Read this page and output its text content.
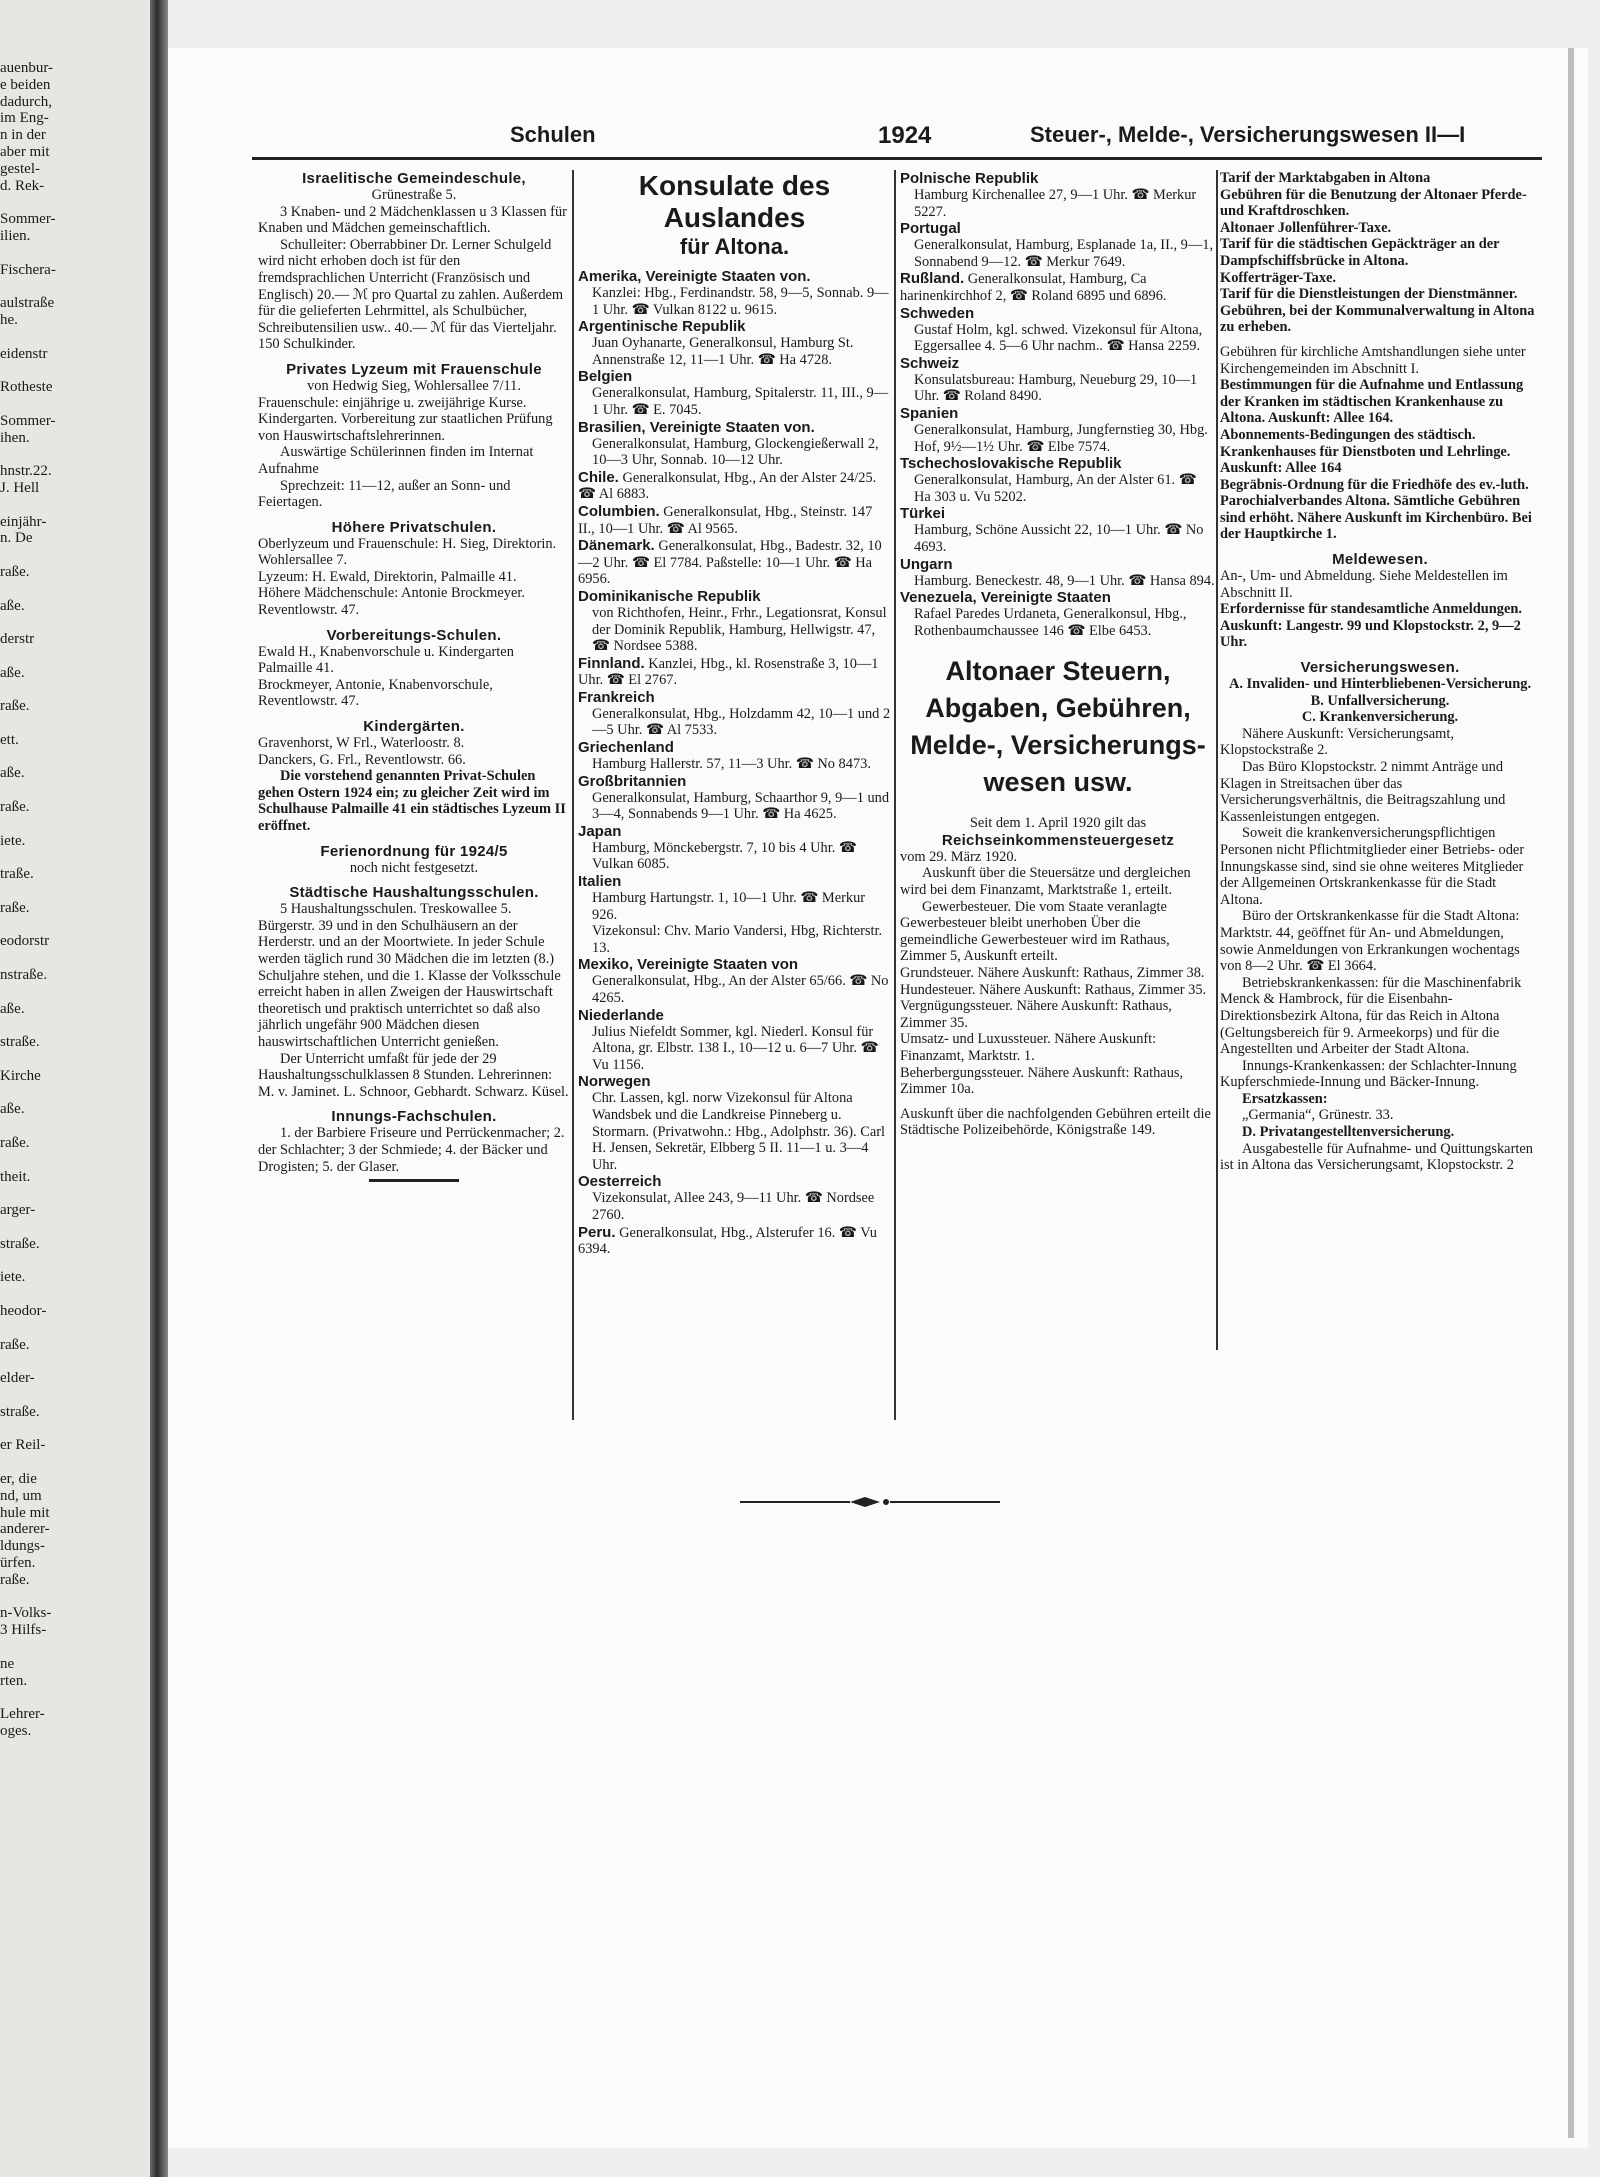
auenbur-
e beiden
dadurch,
im Eng-
n in der
aber mit
gestel-
d. Rek-

Sommer-
ilien.

Fischera-

aulstraße
he.

eidenstr

Rotheste

Sommer-
ihen.

hnstr.22.
J. Hell

einjähr-
n. De

raße.

aße.

derstr

aße.

raße.

ett.

aße.

raße.

iete.

traße.

raße.

eodorstr

nstraße.

aße.

straße.

Kirche

aße.

raße.

theit.

arger-

straße.

iete.

heodor-

raße.

elder-

straße.

er Reil-

er, die
nd, um
hule mit
anderer-
ldungs-
ürfen.
raße.

n-Volks-
3 Hilfs-

ne
rten.

Lehrer-
oges.
Schulen	1924	Steuer-, Melde-, Versicherungswesen II—I

Israelitische Gemeindeschule,

Grünestraße 5.

3 Knaben- und 2 Mädchenklassen u 3 Klassen für Knaben und Mädchen gemeinschaftlich.

Schulleiter: Oberrabbiner Dr. Lerner Schulgeld wird nicht erhoben doch ist für den fremdsprachlichen Unterricht (Französisch und Englisch) 20.— ℳ pro Quartal zu zahlen. Außerdem für die gelieferten Lehrmittel, als Schulbücher, Schreibutensilien usw.. 40.— ℳ für das Vierteljahr. 150 Schulkinder.

Privates Lyzeum mit Frauenschule

von Hedwig Sieg, Wohlersallee 7/11.

Frauenschule: einjährige u. zweijährige Kurse. Kindergarten. Vorbereitung zur staatlichen Prüfung von Hauswirtschaftslehrerinnen.

Auswärtige Schülerinnen finden im Internat Aufnahme

Sprechzeit: 11—12, außer an Sonn- und Feiertagen.

Höhere Privatschulen.

Oberlyzeum und Frauenschule: H. Sieg, Direktorin. Wohlersallee 7.

Lyzeum: H. Ewald, Direktorin, Palmaille 41.

Höhere Mädchenschule: Antonie Brockmeyer. Reventlowstr. 47.

Vorbereitungs-Schulen.

Ewald H., Knabenvorschule u. Kindergarten Palmaille 41.

Brockmeyer, Antonie, Knabenvorschule, Reventlowstr. 47.

Kindergärten.

Gravenhorst, W Frl., Waterloostr. 8.

Danckers, G. Frl., Reventlowstr. 66.

Die vorstehend genannten Privat-Schulen gehen Ostern 1924 ein; zu gleicher Zeit wird im Schulhause Palmaille 41 ein städtisches Lyzeum II eröffnet.

Ferienordnung für 1924/5

noch nicht festgesetzt.

Städtische Haushaltungsschulen.

5 Haushaltungsschulen. Treskowallee 5. Bürgerstr. 39 und in den Schulhäusern an der Herderstr. und an der Moortwiete. In jeder Schule werden täglich rund 30 Mädchen die im letzten (8.) Schuljahre stehen, und die 1. Klasse der Volksschule erreicht haben in allen Zweigen der Hauswirtschaft theoretisch und praktisch unterrichtet so daß also jährlich ungefähr 900 Mädchen diesen hauswirtschaftlichen Unterricht genießen.

Der Unterricht umfaßt für jede der 29 Haushaltungsschulklassen 8 Stunden. Lehrerinnen: M. v. Jaminet. L. Schnoor, Gebhardt. Schwarz. Küsel.

Innungs-Fachschulen.

1. der Barbiere Friseure und Perrückenmacher; 2. der Schlachter; 3 der Schmiede; 4. der Bäcker und Drogisten; 5. der Glaser.

Konsulate des Auslandes

für Altona.

Amerika, Vereinigte Staaten von.

Kanzlei: Hbg., Ferdinandstr. 58, 9—5, Sonnab. 9—1 Uhr. ☎ Vulkan 8122 u. 9615.

Argentinische Republik

Juan Oyhanarte, Generalkonsul, Hamburg St. Annenstraße 12, 11—1 Uhr. ☎ Ha 4728.

Belgien

Generalkonsulat, Hamburg, Spitalerstr. 11, III., 9—1 Uhr. ☎ E. 7045.

Brasilien, Vereinigte Staaten von.

Generalkonsulat, Hamburg, Glockengießerwall 2, 10—3 Uhr, Sonnab. 10—12 Uhr.

Chile. Generalkonsulat, Hbg., An der Alster 24/25. ☎ Al 6883.

Columbien. Generalkonsulat, Hbg., Steinstr. 147 II., 10—1 Uhr. ☎ Al 9565.

Dänemark. Generalkonsulat, Hbg., Badestr. 32, 10—2 Uhr. ☎ El 7784. Paßstelle: 10—1 Uhr. ☎ Ha 6956.

Dominikanische Republik

von Richthofen, Heinr., Frhr., Legationsrat, Konsul der Dominik Republik, Hamburg, Hellwigstr. 47, ☎ Nordsee 5388.

Finnland. Kanzlei, Hbg., kl. Rosenstraße 3, 10—1 Uhr. ☎ El 2767.

Frankreich

Generalkonsulat, Hbg., Holzdamm 42, 10—1 und 2—5 Uhr. ☎ Al 7533.

Griechenland

Hamburg Hallerstr. 57, 11—3 Uhr. ☎ No 8473.

Großbritannien

Generalkonsulat, Hamburg, Schaarthor 9, 9—1 und 3—4, Sonnabends 9—1 Uhr. ☎ Ha 4625.

Japan

Hamburg, Mönckebergstr. 7, 10 bis 4 Uhr. ☎ Vulkan 6085.

Italien

Hamburg Hartungstr. 1, 10—1 Uhr. ☎ Merkur 926.

Vizekonsul: Chv. Mario Vandersi, Hbg, Richterstr. 13.

Mexiko, Vereinigte Staaten von

Generalkonsulat, Hbg., An der Alster 65/66. ☎ No 4265.

Niederlande

Julius Niefeldt Sommer, kgl. Niederl. Konsul für Altona, gr. Elbstr. 138 I., 10—12 u. 6—7 Uhr. ☎ Vu 1156.

Norwegen

Chr. Lassen, kgl. norw Vizekonsul für Altona Wandsbek und die Landkreise Pinneberg u. Stormarn. (Privatwohn.: Hbg., Adolphstr. 36). Carl H. Jensen, Sekretär, Elbberg 5 II. 11—1 u. 3—4 Uhr.

Oesterreich

Vizekonsulat, Allee 243, 9—11 Uhr. ☎ Nordsee 2760.

Peru. Generalkonsulat, Hbg., Alsterufer 16. ☎ Vu 6394.

Polnische Republik

Hamburg Kirchenallee 27, 9—1 Uhr. ☎ Merkur 5227.

Portugal

Generalkonsulat, Hamburg, Esplanade 1a, II., 9—1, Sonnabend 9—12. ☎ Merkur 7649.

Rußland. Generalkonsulat, Hamburg, Ca harinenkirchhof 2, ☎ Roland 6895 und 6896.

Schweden

Gustaf Holm, kgl. schwed. Vizekonsul für Altona, Eggersallee 4. 5—6 Uhr nachm.. ☎ Hansa 2259.

Schweiz

Konsulatsbureau: Hamburg, Neueburg 29, 10—1 Uhr. ☎ Roland 8490.

Spanien

Generalkonsulat, Hamburg, Jungfernstieg 30, Hbg. Hof, 9½—1½ Uhr. ☎ Elbe 7574.

Tschechoslovakische Republik

Generalkonsulat, Hamburg, An der Alster 61. ☎ Ha 303 u. Vu 5202.

Türkei

Hamburg, Schöne Aussicht 22, 10—1 Uhr. ☎ No 4693.

Ungarn

Hamburg. Beneckestr. 48, 9—1 Uhr. ☎ Hansa 894.

Venezuela, Vereinigte Staaten

Rafael Paredes Urdaneta, Generalkonsul, Hbg., Rothenbaumchaussee 146 ☎ Elbe 6453.

Altonaer Steuern,

Abgaben, Gebühren,

Melde-, Versicherungs-

wesen usw.

Seit dem 1. April 1920 gilt das

Reichseinkommensteuergesetz

vom 29. März 1920.

Auskunft über die Steuersätze und dergleichen wird bei dem Finanzamt, Marktstraße 1, erteilt.

Gewerbesteuer. Die vom Staate veranlagte Gewerbesteuer bleibt unerhoben Über die gemeindliche Gewerbesteuer wird im Rathaus, Zimmer 5, Auskunft erteilt.

Grundsteuer. Nähere Auskunft: Rathaus, Zimmer 38.

Hundesteuer. Nähere Auskunft: Rathaus, Zimmer 35.

Vergnügungssteuer. Nähere Auskunft: Rathaus, Zimmer 35.

Umsatz- und Luxussteuer. Nähere Auskunft: Finanzamt, Marktstr. 1.

Beherbergungssteuer. Nähere Auskunft: Rathaus, Zimmer 10a.

Auskunft über die nachfolgenden Gebühren erteilt die Städtische Polizeibehörde, Königstraße 149.

Tarif der Marktabgaben in Altona

Gebühren für die Benutzung der Altonaer Pferde- und Kraftdroschken.

Altonaer Jollenführer-Taxe.

Tarif für die städtischen Gepäckträger an der Dampfschiffsbrücke in Altona.

Kofferträger-Taxe.

Tarif für die Dienstleistungen der Dienstmänner.

Gebühren, bei der Kommunalverwaltung in Altona zu erheben.

Gebühren für kirchliche Amtshandlungen siehe unter Kirchengemeinden im Abschnitt I.

Bestimmungen für die Aufnahme und Entlassung der Kranken im städtischen Krankenhause zu Altona. Auskunft: Allee 164.

Abonnements-Bedingungen des städtisch. Krankenhauses für Dienstboten und Lehrlinge. Auskunft: Allee 164

Begräbnis-Ordnung für die Friedhöfe des ev.-luth. Parochialverbandes Altona. Sämtliche Gebühren sind erhöht. Nähere Auskunft im Kirchenbüro. Bei der Hauptkirche 1.

Meldewesen.

An-, Um- und Abmeldung. Siehe Meldestellen im Abschnitt II.

Erfordernisse für standesamtliche Anmeldungen. Auskunft: Langestr. 99 und Klopstockstr. 2, 9—2 Uhr.

Versicherungswesen.

A. Invaliden- und Hinterbliebenen-Versicherung.

B. Unfallversicherung.

C. Krankenversicherung.

Nähere Auskunft: Versicherungsamt, Klopstockstraße 2.

Das Büro Klopstockstr. 2 nimmt Anträge und Klagen in Streitsachen über das Versicherungsverhältnis, die Beitragszahlung und Kassenleistungen entgegen.

Soweit die krankenversicherungspflichtigen Personen nicht Pflichtmitglieder einer Betriebs- oder Innungskasse sind, sind sie ohne weiteres Mitglieder der Allgemeinen Ortskrankenkasse für die Stadt Altona.

Büro der Ortskrankenkasse für die Stadt Altona: Marktstr. 44, geöffnet für An- und Abmeldungen, sowie Anmeldungen von Erkrankungen wochentags von 8—2 Uhr. ☎ El 3664.

Betriebskrankenkassen: für die Maschinenfabrik Menck & Hambrock, für die Eisenbahn-Direktionsbezirk Altona, für das Reich in Altona (Geltungsbereich für 9. Armeekorps) und für die Angestellten und Arbeiter der Stadt Altona.

Innungs-Krankenkassen: der Schlachter-Innung Kupferschmiede-Innung und Bäcker-Innung.

Ersatzkassen:

„Germania“, Grünestr. 33.

D. Privatangestelltenversicherung.

Ausgabestelle für Aufnahme- und Quittungskarten ist in Altona das Versicherungsamt, Klopstockstr. 2
